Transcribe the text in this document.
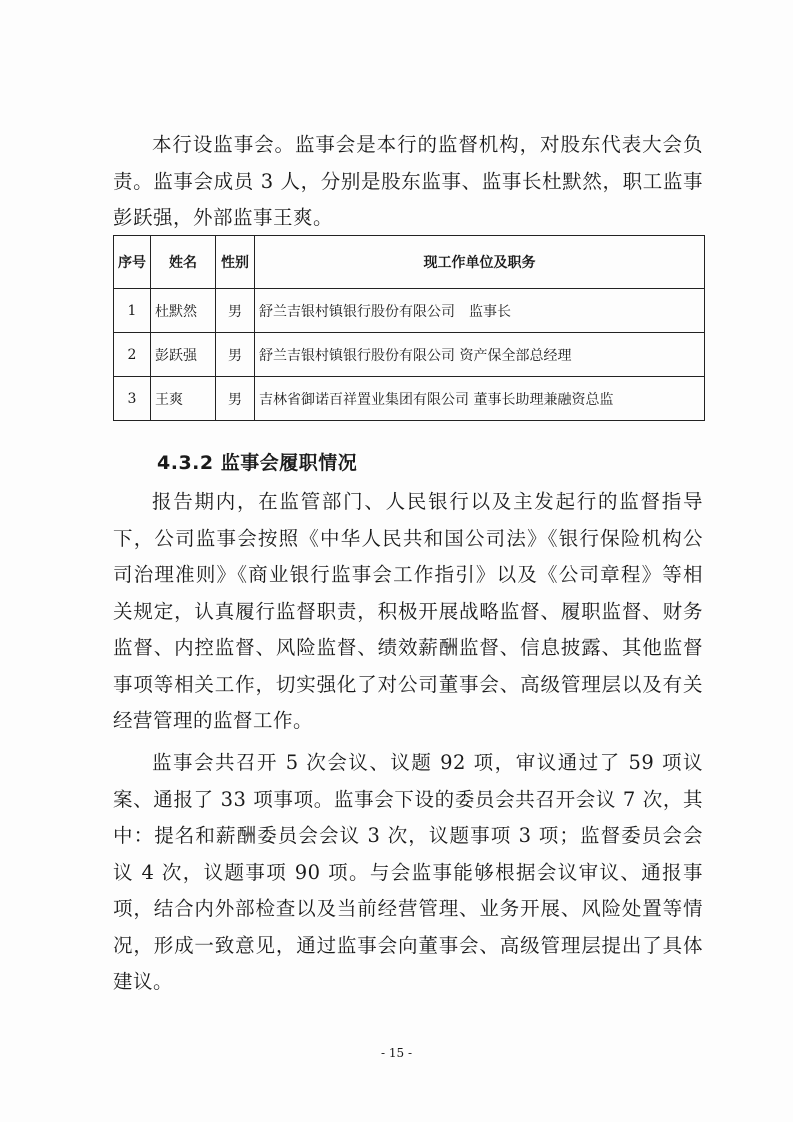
本行设监事会。监事会是本行的监督机构，对股东代表大会负责。监事会成员 3 人，分别是股东监事、监事长杜默然，职工监事彭跃强，外部监事王爽。

序号	姓名	性别	现工作单位及职务
1	杜默然	男	舒兰吉银村镇银行股份有限公司　监事长
2	彭跃强	男	舒兰吉银村镇银行股份有限公司 资产保全部总经理
3	王爽	男	吉林省御诺百祥置业集团有限公司 董事长助理兼融资总监
4.3.2 监事会履职情况

报告期内，在监管部门、人民银行以及主发起行的监督指导下，公司监事会按照《中华人民共和国公司法》《银行保险机构公司治理准则》《商业银行监事会工作指引》以及《公司章程》等相关规定，认真履行监督职责，积极开展战略监督、履职监督、财务监督、内控监督、风险监督、绩效薪酬监督、信息披露、其他监督事项等相关工作，切实强化了对公司董事会、高级管理层以及有关经营管理的监督工作。

监事会共召开 5 次会议、议题 92 项，审议通过了 59 项议案、通报了 33 项事项。监事会下设的委员会共召开会议 7 次，其中：提名和薪酬委员会会议 3 次，议题事项 3 项；监督委员会会议 4 次，议题事项 90 项。与会监事能够根据会议审议、通报事项，结合内外部检查以及当前经营管理、业务开展、风险处置等情况，形成一致意见，通过监事会向董事会、高级管理层提出了具体建议。

- 15 -
